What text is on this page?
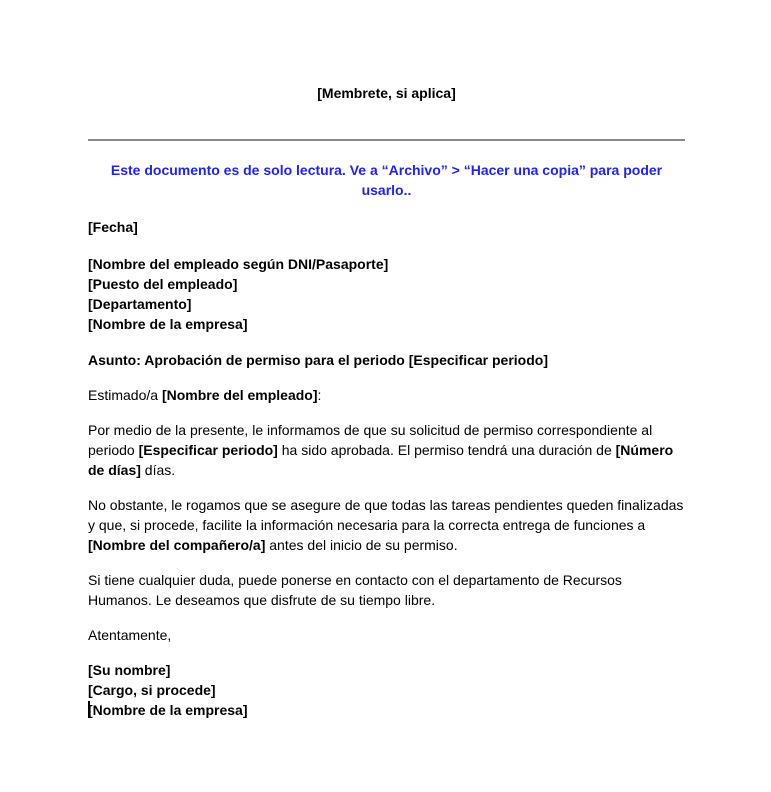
[Membrete, si aplica]
Este documento es de solo lectura. Ve a “Archivo” > “Hacer una copia” para poder usarlo..
[Fecha]
[Nombre del empleado según DNI/Pasaporte]
[Puesto del empleado]
[Departamento]
[Nombre de la empresa]
Asunto: Aprobación de permiso para el periodo [Especificar periodo]

Estimado/a [Nombre del empleado]:

Por medio de la presente, le informamos de que su solicitud de permiso correspondiente al periodo [Especificar periodo] ha sido aprobada. El permiso tendrá una duración de [Número de días] días.

No obstante, le rogamos que se asegure de que todas las tareas pendientes queden finalizadas y que, si procede, facilite la información necesaria para la correcta entrega de funciones a [Nombre del compañero/a] antes del inicio de su permiso.

Si tiene cualquier duda, puede ponerse en contacto con el departamento de Recursos Humanos. Le deseamos que disfrute de su tiempo libre.

Atentamente,

[Su nombre]
[Cargo, si procede]
[Nombre de la empresa]
